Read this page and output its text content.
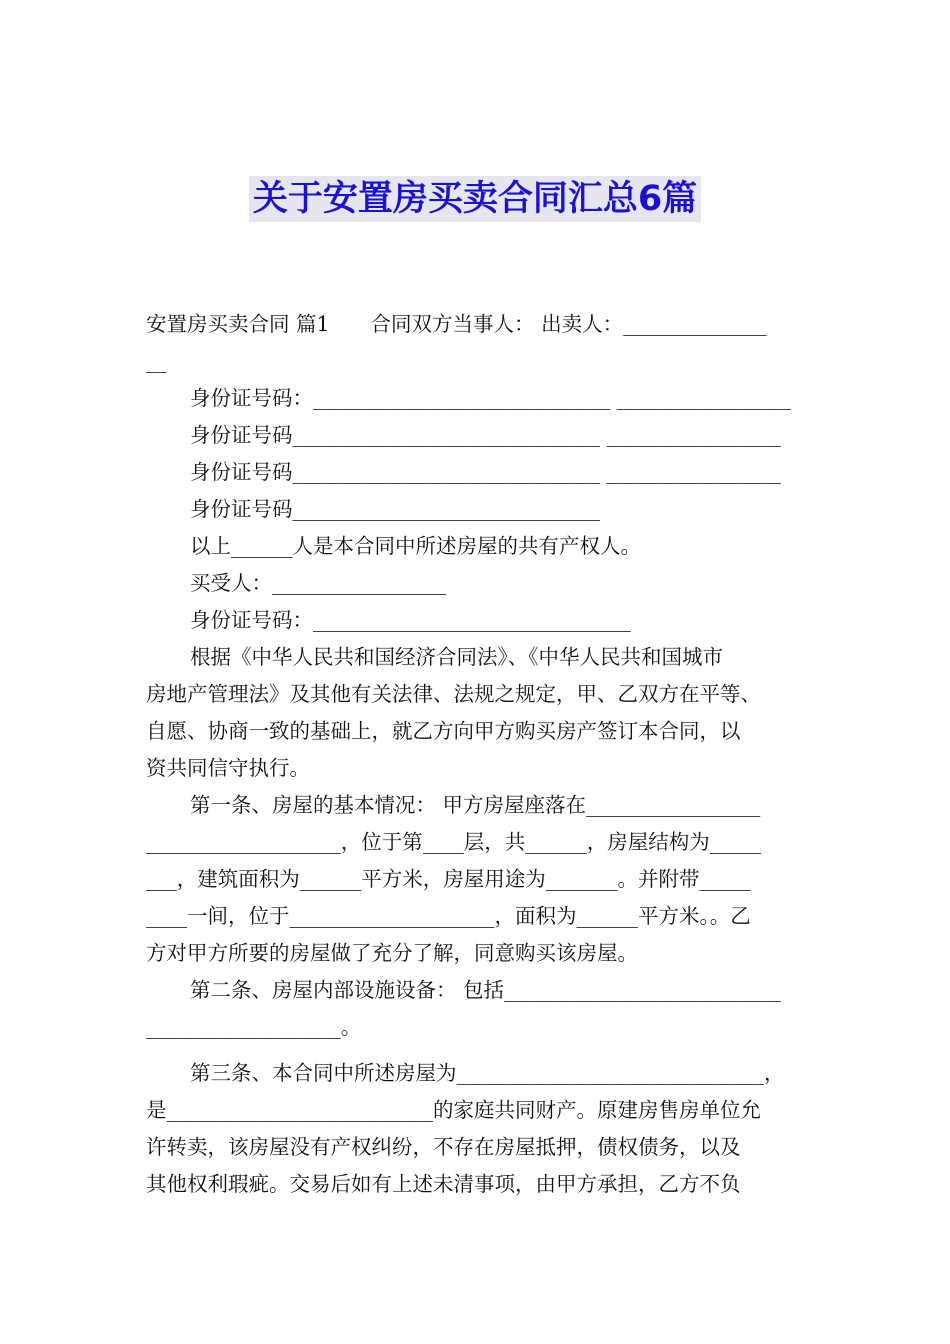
关于安置房买卖合同汇总6篇
安置房买卖合同 篇1　　合同双方当事人： 出卖人：______________
__
身份证号码：_____________________________ _________________
身份证号码______________________________ _________________
身份证号码______________________________ _________________
身份证号码______________________________
以上______人是本合同中所述房屋的共有产权人。
买受人：_________________
身份证号码：_______________________________
根据《中华人民共和国经济合同法》、《中华人民共和国城市
房地产管理法》及其他有关法律、法规之规定，甲、乙双方在平等、
自愿、协商一致的基础上，就乙方向甲方购买房产签订本合同，以
资共同信守执行。
第一条、房屋的基本情况： 甲方房屋座落在_________________
___________________，位于第____层，共______，房屋结构为_____
___，建筑面积为______平方米，房屋用途为_______。并附带_____
____一间，位于____________________，面积为______平方米。。乙
方对甲方所要的房屋做了充分了解，同意购买该房屋。
第二条、房屋内部设施设备： 包括___________________________
___________________。
第三条、本合同中所述房屋为______________________________，
是__________________________的家庭共同财产。原建房售房单位允
许转卖，该房屋没有产权纠纷，不存在房屋抵押，债权债务，以及
其他权利瑕疵。交易后如有上述未清事项，由甲方承担，乙方不负
